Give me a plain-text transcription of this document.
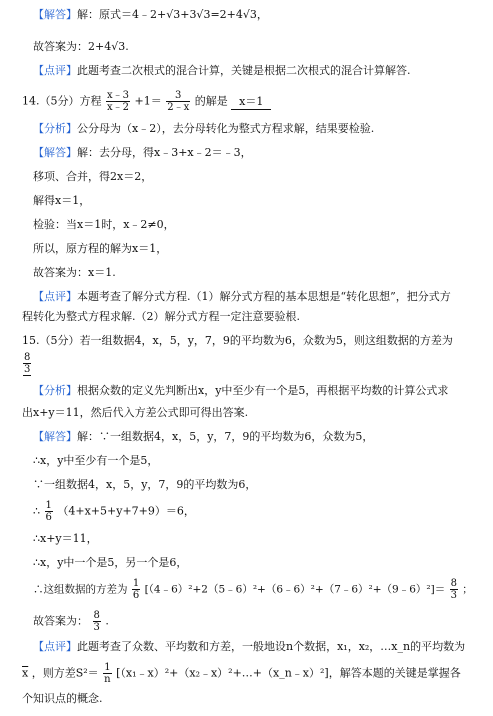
【解答】解：原式＝4﹣2+√3+3√3=2+4√3，
故答案为：2+4√3.
【点评】此题考查二次根式的混合计算，关键是根据二次根式的混合计算解答.
14.（5分）方程 $\frac{x﹣3}{x﹣2} +1= \frac{3}{2﹣x}$ 的解是 x＝1
【分析】公分母为（x﹣2），去分母转化为整式方程求解，结果要检验.
【解答】解：去分母，得x﹣3+x﹣2＝﹣3，
移项、合并，得2x＝2，
解得x＝1，
检验：当x＝1时，x﹣2≠0，
所以，原方程的解为x＝1，
故答案为：x＝1.
【点评】本题考查了解分式方程.（1）解分式方程的基本思想是“转化思想”，把分式方
程转化为整式方程求解.（2）解分式方程一定注意要验根.
15.（5分）若一组数据4，x，5，y，7，9的平均数为6，众数为5，则这组数据的方差为
$\frac{8}{3}$
【分析】根据众数的定义先判断出x，y中至少有一个是5，再根据平均数的计算公式求
出x+y＝11，然后代入方差公式即可得出答案.
【解答】解：∵一组数据4，x，5，y，7，9的平均数为6，众数为5，
∴x，y中至少有一个是5，
∵一组数据4，x，5，y，7，9的平均数为6，
∴ $\frac{1}{6} (4+x+5+y+7+9)=6$，
∴x+y＝11，
∴x，y中一个是5，另一个是6，
∴这组数据的方差为 $\frac{1}{6}$ [（4﹣6）²+2（5﹣6）²+（6﹣6）²+（7﹣6）²+（9﹣6）²]＝ $\frac{8}{3}$ ；
故答案为： $\frac{8}{3}$ .
【点评】此题考查了众数、平均数和方差，一般地设n个数据，x₁，x₂，…x_n的平均数为
$\overline{x}$ ，则方差$S^2= \frac{1}{n}$ [（x₁﹣x）²+（x₂﹣x）²+…+（x_n﹣x）²]，解答本题的关键是掌握各
个知识点的概念.
